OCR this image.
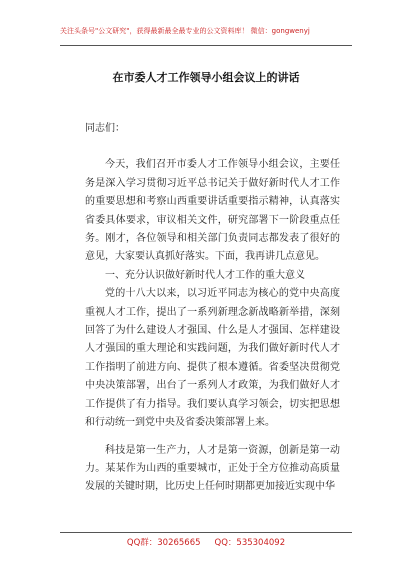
关注头条号"公文研究"，获得最新最全最专业的公文资料库！ 微信：gongwenyj
在市委人才工作领导小组会议上的讲话

同志们：

今天，我们召开市委人才工作领导小组会议，主要任务是深入学习贯彻习近平总书记关于做好新时代人才工作的重要思想和考察山西重要讲话重要指示精神，认真落实省委具体要求，审议相关文件，研究部署下一阶段重点任务。刚才，各位领导和相关部门负责同志都发表了很好的意见，大家要认真抓好落实。下面，我再讲几点意见。

一、充分认识做好新时代人才工作的重大意义

党的十八大以来，以习近平同志为核心的党中央高度重视人才工作，提出了一系列新理念新战略新举措，深刻回答了为什么建设人才强国、什么是人才强国、怎样建设人才强国的重大理论和实践问题，为我们做好新时代人才工作指明了前进方向、提供了根本遵循。省委坚决贯彻党中央决策部署，出台了一系列人才政策，为我们做好人才工作提供了有力指导。我们要认真学习领会，切实把思想和行动统一到党中央及省委决策部署上来。

科技是第一生产力，人才是第一资源，创新是第一动力。某某作为山西的重要城市，正处于全方位推动高质量发展的关键时期，比历史上任何时期都更加接近实现中华

QQ群：30265665 QQ：535304092
